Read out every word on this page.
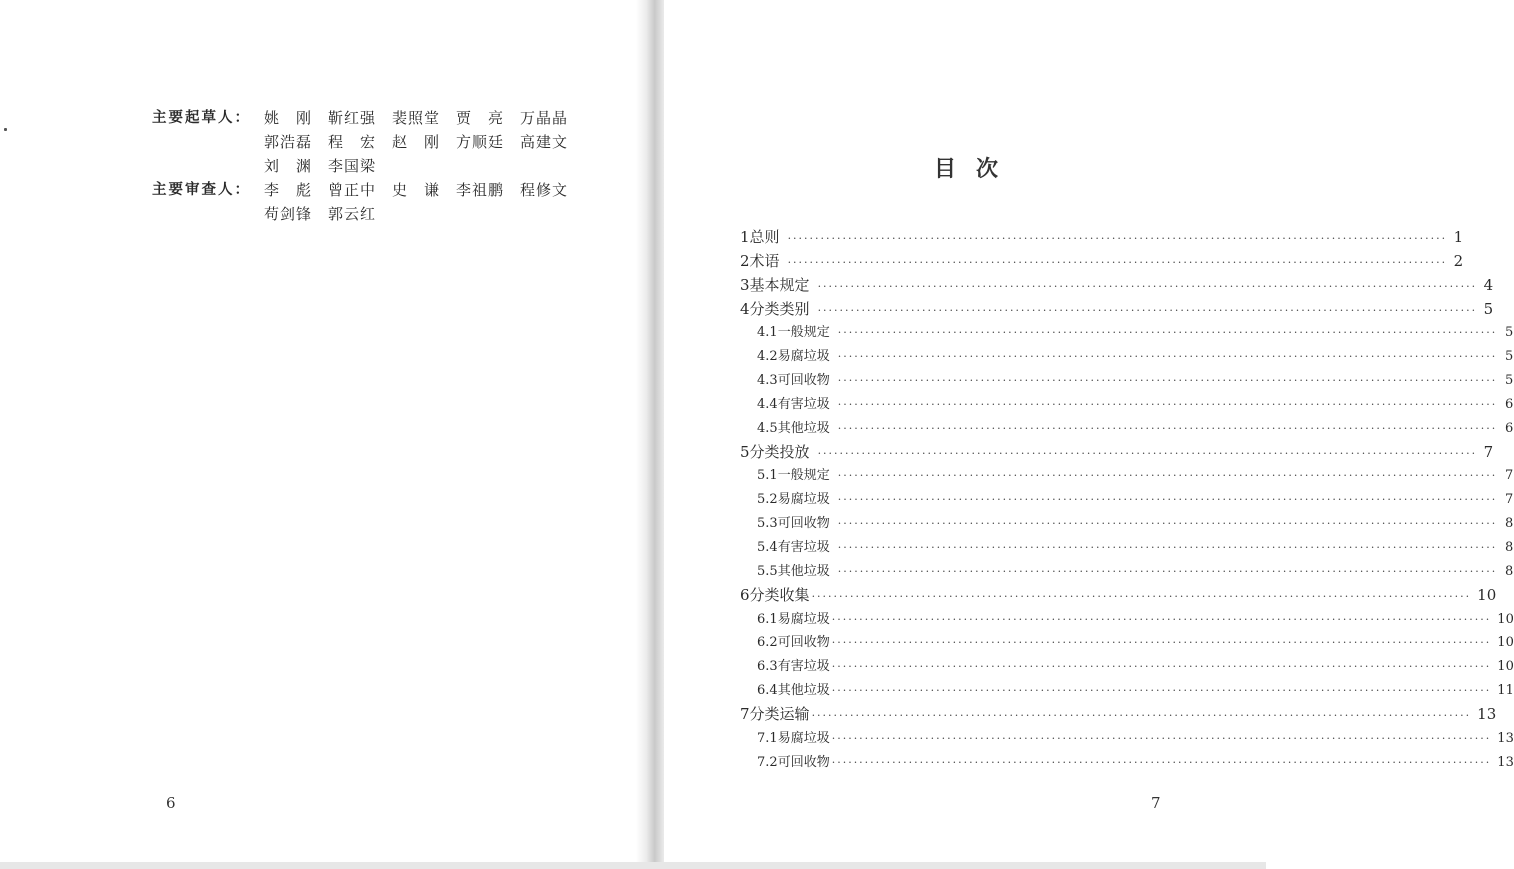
主要起草人： 姚　刚	靳红强	裴照堂	贾　亮	万晶晶
郭浩磊	程　宏	赵　刚	方顺廷	高建文
刘　渊	李国梁
主要审查人： 李　彪	曾正中	史　谦	李祖鹏	程修文
苟剑锋	郭云红
6
目次
1 总则 ························································································································ 1
2 术语 ························································································································ 2
3 基本规定 ························································································································ 4
4 分类类别 ························································································································ 5
4.1 一般规定 ························································································································ 5
4.2 易腐垃圾 ························································································································ 5
4.3 可回收物 ························································································································ 5
4.4 有害垃圾 ························································································································ 6
4.5 其他垃圾 ························································································································ 6
5 分类投放 ························································································································ 7
5.1 一般规定 ························································································································ 7
5.2 易腐垃圾 ························································································································ 7
5.3 可回收物 ························································································································ 8
5.4 有害垃圾 ························································································································ 8
5.5 其他垃圾 ························································································································ 8
6 分类收集 ························································································································ 10
6.1 易腐垃圾 ························································································································ 10
6.2 可回收物 ························································································································ 10
6.3 有害垃圾 ························································································································ 10
6.4 其他垃圾 ························································································································ 11
7 分类运输 ························································································································ 13
7.1 易腐垃圾 ························································································································ 13
7.2 可回收物 ························································································································ 13
7
